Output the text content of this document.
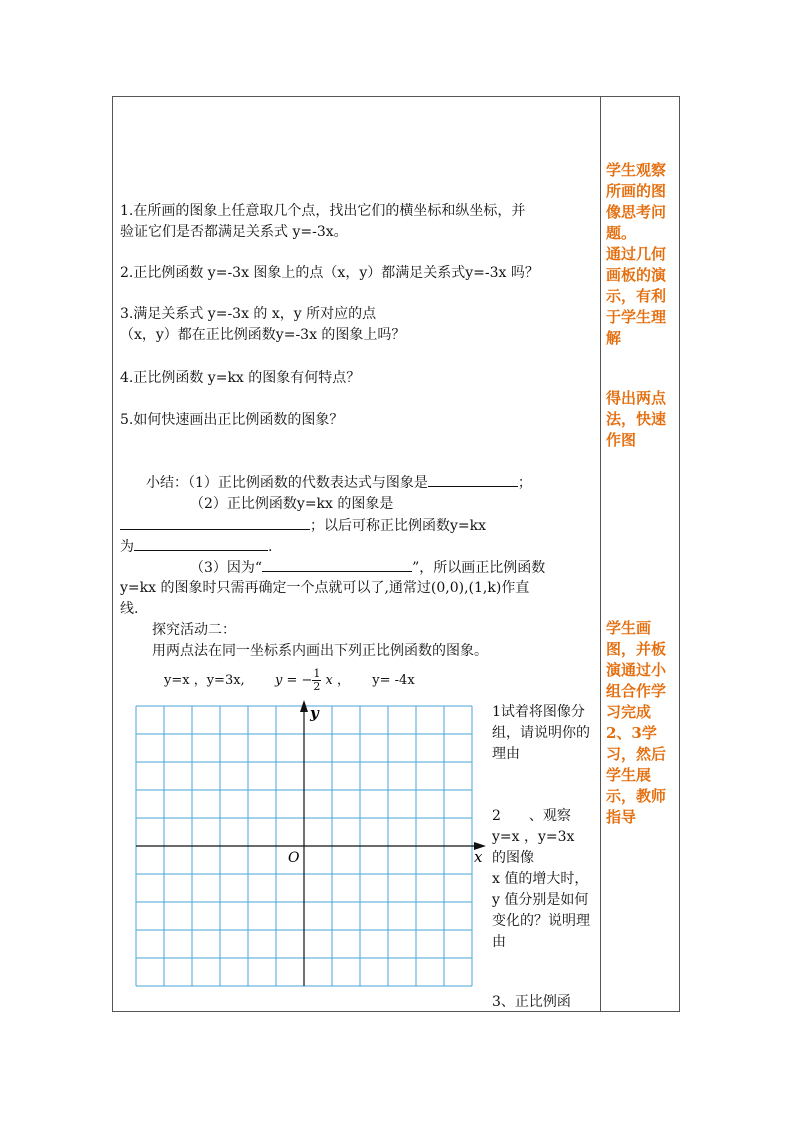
1.在所画的图象上任意取几个点，找出它们的横坐标和纵坐标，并
验证它们是否都满足关系式 y=-3x。
2.正比例函数 y=-3x 图象上的点（x，y）都满足关系式y=-3x 吗？
3.满足关系式 y=-3x 的 x，y 所对应的点
（x，y）都在正比例函数y=-3x 的图象上吗？
4.正比例函数 y=kx 的图象有何特点？
5.如何快速画出正比例函数的图象？
小结：（1）正比例函数的代数表达式与图象是	；
（2）正比例函数y=kx 的图象是
；以后可称正比例函数y=kx
为	.
（3）因为“	”，所以画正比例函数
y=kx 的图象时只需再确定一个点就可以了,通常过(0,0),(1,k)作直
线.
探究活动二：
用两点法在同一坐标系内画出下列正比例函数的图象。
y=x ，y=3x, y = − $\frac{1}{2}$ x ， y= -4x
x
y
O
1试着将图像分组，请说明你的理由
2　　、观察
y=x ，y=3x 的图像
x 值的增大时，y 值分别是如何变化的？说明理由
3、正比例函
学生观察所画的图像思考问题。
通过几何画板的演示，有利于学生理解
得出两点法，快速作图
学生画图，并板演通过小组合作学习完成2、3学习，然后学生展示，教师指导
